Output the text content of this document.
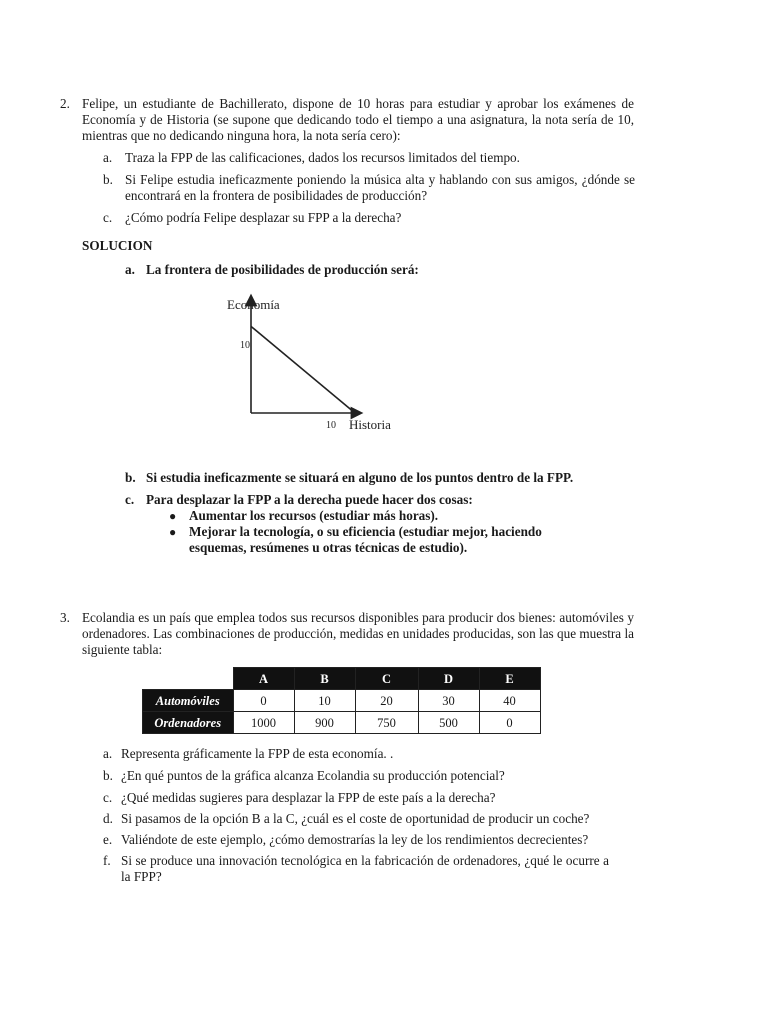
2. Felipe, un estudiante de Bachillerato, dispone de 10 horas para estudiar y aprobar los exámenes de Economía y de Historia (se supone que dedicando todo el tiempo a una asignatura, la nota sería de 10, mientras que no dedicando ninguna hora, la nota sería cero):
a. Traza la FPP de las calificaciones, dados los recursos limitados del tiempo.
b. Si Felipe estudia ineficazmente poniendo la música alta y hablando con sus amigos, ¿dónde se encontrará en la frontera de posibilidades de producción?
c. ¿Cómo podría Felipe desplazar su FPP a la derecha?
SOLUCION
a. La frontera de posibilidades de producción será:
Economía
Historia
10
10
b. Si estudia ineficazmente se situará en alguno de los puntos dentro de la FPP.
c. Para desplazar la FPP a la derecha puede hacer dos cosas:
● Aumentar los recursos (estudiar más horas).
● Mejorar la tecnología, o su eficiencia (estudiar mejor, haciendo esquemas, resúmenes u otras técnicas de estudio).
3. Ecolandia es un país que emplea todos sus recursos disponibles para producir dos bienes: automóviles y ordenadores. Las combinaciones de producción, medidas en unidades producidas, son las que muestra la siguiente tabla:
	A	B	C	D	E
Automóviles	0	10	20	30	40
Ordenadores	1000	900	750	500	0
a. Representa gráficamente la FPP de esta economía. .
b. ¿En qué puntos de la gráfica alcanza Ecolandia su producción potencial?
c. ¿Qué medidas sugieres para desplazar la FPP de este país a la derecha?
d. Si pasamos de la opción B a la C, ¿cuál es el coste de oportunidad de producir un coche?
e. Valiéndote de este ejemplo, ¿cómo demostrarías la ley de los rendimientos decrecientes?
f. Si se produce una innovación tecnológica en la fabricación de ordenadores, ¿qué le ocurre a la FPP?
